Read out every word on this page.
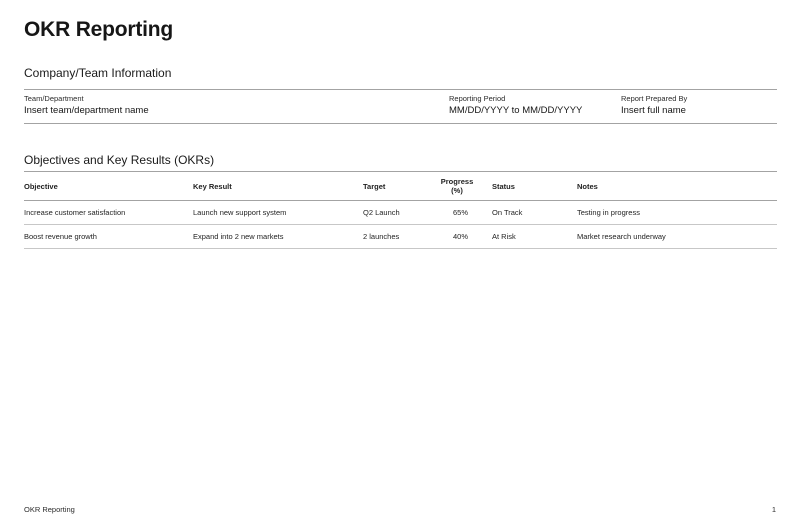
OKR Reporting
Company/Team Information
Team/Department
Insert team/department name
Reporting Period
MM/DD/YYYY to MM/DD/YYYY
Report Prepared By
Insert full name
Objectives and Key Results (OKRs)
Objective	Key Result	Target	Progress (%)	Status	Notes
Increase customer satisfaction	Launch new support system	Q2 Launch	65%	On Track	Testing in progress
Boost revenue growth	Expand into 2 new markets	2 launches	40%	At Risk	Market research underway
OKR Reporting	1
